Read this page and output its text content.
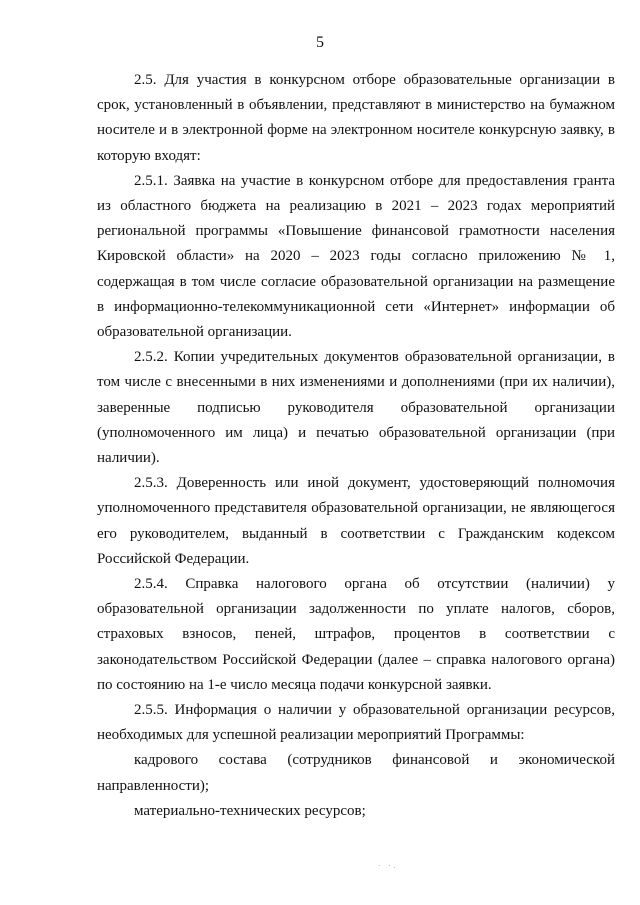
5

2.5. Для участия в конкурсном отборе образовательные организации в срок, установленный в объявлении, представляют в министерство на бумажном носителе и в электронной форме на электронном носителе конкурсную заявку, в которую входят:

2.5.1. Заявка на участие в конкурсном отборе для предоставления гранта из областного бюджета на реализацию в 2021 – 2023 годах мероприятий региональной программы «Повышение финансовой грамотности населения Кировской области» на 2020 – 2023 годы согласно приложению № 1, содержащая в том числе согласие образовательной организации на размещение в информационно-телекоммуникационной сети «Интернет» информации об образовательной организации.

2.5.2. Копии учредительных документов образовательной организации, в том числе с внесенными в них изменениями и дополнениями (при их наличии), заверенные подписью руководителя образовательной организации (уполномоченного им лица) и печатью образовательной организации (при наличии).

2.5.3. Доверенность или иной документ, удостоверяющий полномочия уполномоченного представителя образовательной организации, не являющегося его руководителем, выданный в соответствии с Гражданским кодексом Российской Федерации.

2.5.4. Справка налогового органа об отсутствии (наличии) у образовательной организации задолженности по уплате налогов, сборов, страховых взносов, пеней, штрафов, процентов в соответствии с законодательством Российской Федерации (далее – справка налогового органа) по состоянию на 1-е число месяца подачи конкурсной заявки.

2.5.5. Информация о наличии у образовательной организации ресурсов, необходимых для успешной реализации мероприятий Программы:

кадрового состава (сотрудников финансовой и экономической направленности);

материально-технических ресурсов;

· ·.
